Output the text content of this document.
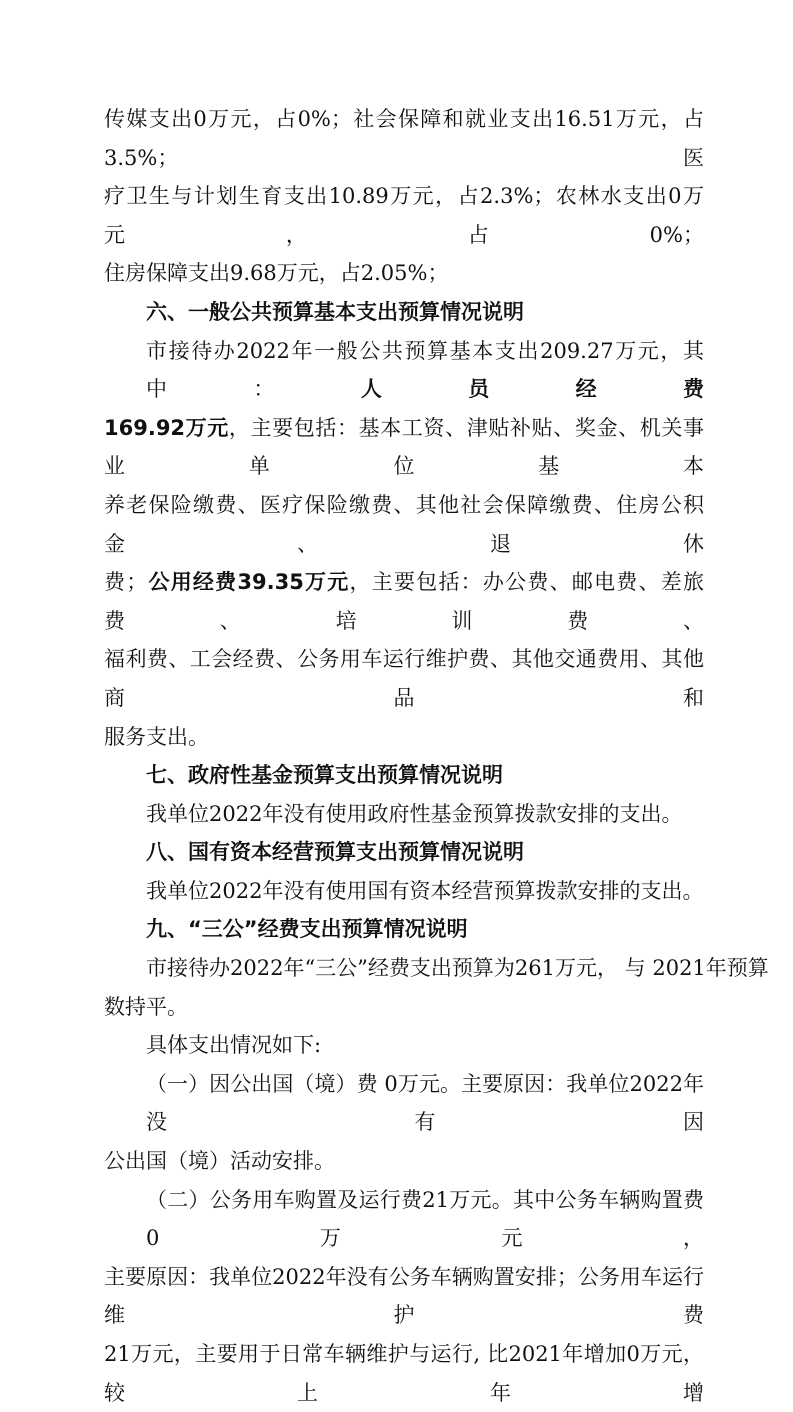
传媒支出0万元，占0%；社会保障和就业支出16.51万元，占3.5%；医
疗卫生与计划生育支出10.89万元，占2.3%；农林水支出0万元，占0%；
住房保障支出9.68万元，占2.05%；
六、一般公共预算基本支出预算情况说明
市接待办2022年一般公共预算基本支出209.27万元，其中：人员经费
169.92万元，主要包括：基本工资、津贴补贴、奖金、机关事业单位基本
养老保险缴费、医疗保险缴费、其他社会保障缴费、住房公积金、退休
费；公用经费39.35万元，主要包括：办公费、邮电费、差旅费、培训费、
福利费、工会经费、公务用车运行维护费、其他交通费用、其他商品和
服务支出。
七、政府性基金预算支出预算情况说明
我单位2022年没有使用政府性基金预算拨款安排的支出。
八、国有资本经营预算支出预算情况说明
我单位2022年没有使用国有资本经营预算拨款安排的支出。
九、“三公”经费支出预算情况说明
市接待办2022年“三公”经费支出预算为261万元， 与 2021年预算
数持平。
具体支出情况如下:
（一）因公出国（境）费 0万元。主要原因：我单位2022年没有因
公出国（境）活动安排。
（二）公务用车购置及运行费21万元。其中公务车辆购置费0万元，
主要原因：我单位2022年没有公务车辆购置安排；公务用车运行维护费
21万元，主要用于日常车辆维护与运行, 比2021年增加0万元，较上年增
